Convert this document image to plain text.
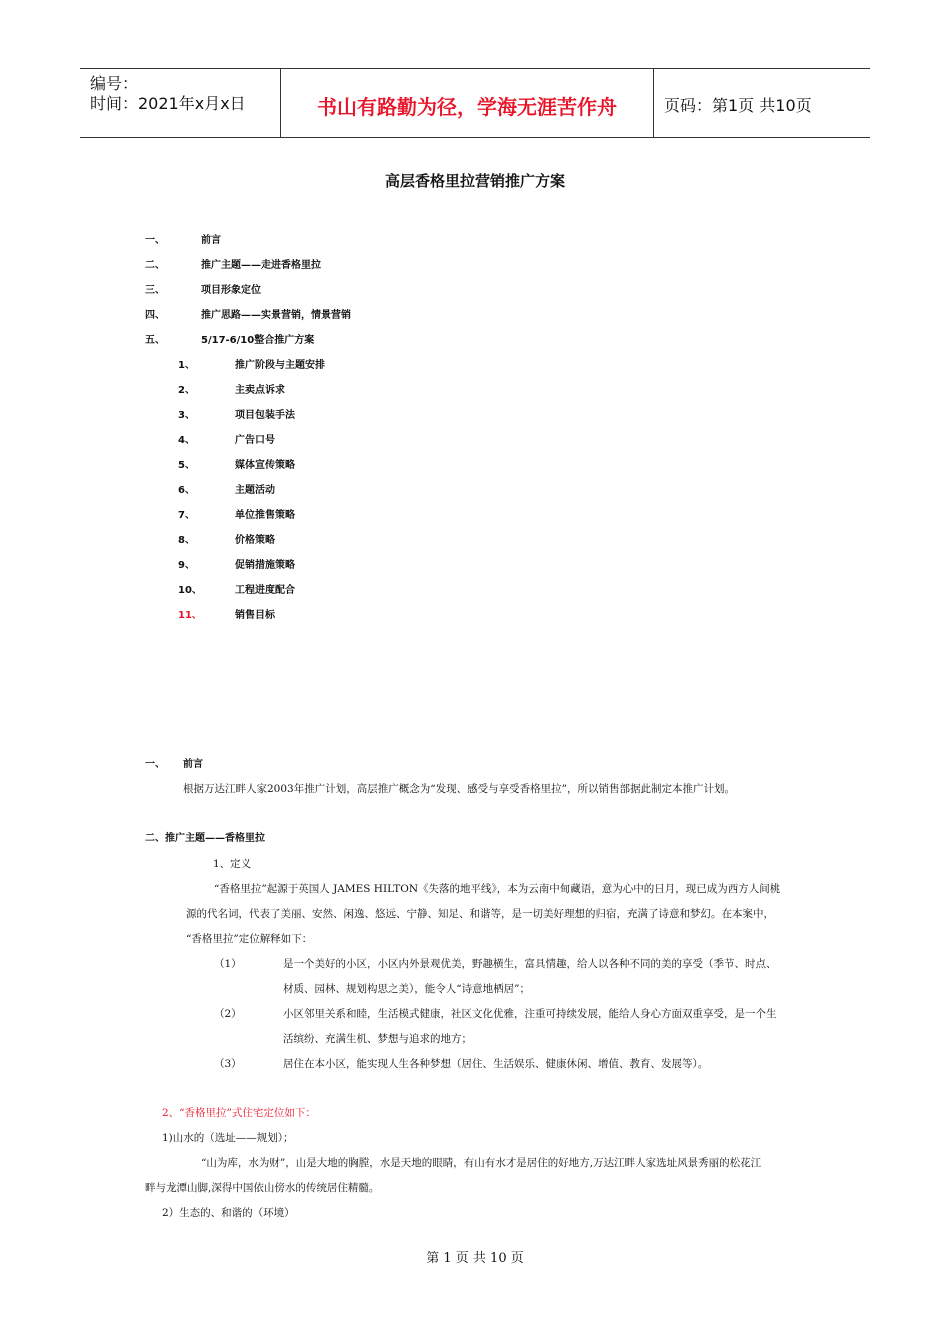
编号：
时间：2021年x月x日	书山有路勤为径，学海无涯苦作舟	页码：第1页 共10页
高层香格里拉营销推广方案
一、	前言
二、	推广主题——走进香格里拉
三、	项目形象定位
四、	推广思路——实景营销，情景营销
五、	5/17-6/10整合推广方案
1、	推广阶段与主题安排
2、	主卖点诉求
3、	项目包装手法
4、	广告口号
5、	媒体宣传策略
6、	主题活动
7、	单位推售策略
8、	价格策略
9、	促销措施策略
10、	工程进度配合
11、	销售目标
一、 前言
根据万达江畔人家2003年推广计划，高层推广概念为“发现、感受与享受香格里拉”，所以销售部据此制定本推广计划。
二、推广主题——香格里拉
1、定义
“香格里拉”起源于英国人 JAMES HILTON《失落的地平线》，本为云南中甸藏语，意为心中的日月，现已成为西方人间桃
源的代名词，代表了美丽、安然、闲逸、悠远、宁静、知足、和谐等，是一切美好理想的归宿，充满了诗意和梦幻。在本案中，
“香格里拉”定位解释如下：
（1）	是一个美好的小区，小区内外景观优美，野趣横生，富具情趣，给人以各种不同的美的享受（季节、时点、
材质、园林、规划构思之美），能令人“诗意地栖居”；
（2）	小区邻里关系和睦，生活模式健康，社区文化优雅，注重可持续发展，能给人身心方面双重享受，是一个生
活缤纷、充满生机、梦想与追求的地方；
（3）	居住在本小区，能实现人生各种梦想（居住、生活娱乐、健康休闲、增值、教育、发展等）。
2、“香格里拉”式住宅定位如下：
1)山水的（选址——规划）；
“山为库，水为财”，山是大地的胸膛，水是天地的眼睛，有山有水才是居住的好地方,万达江畔人家选址风景秀丽的松花江
畔与龙潭山脚,深得中国依山傍水的传统居住精髓。
2）生态的、和谐的（环境）
第 1 页 共 10 页
